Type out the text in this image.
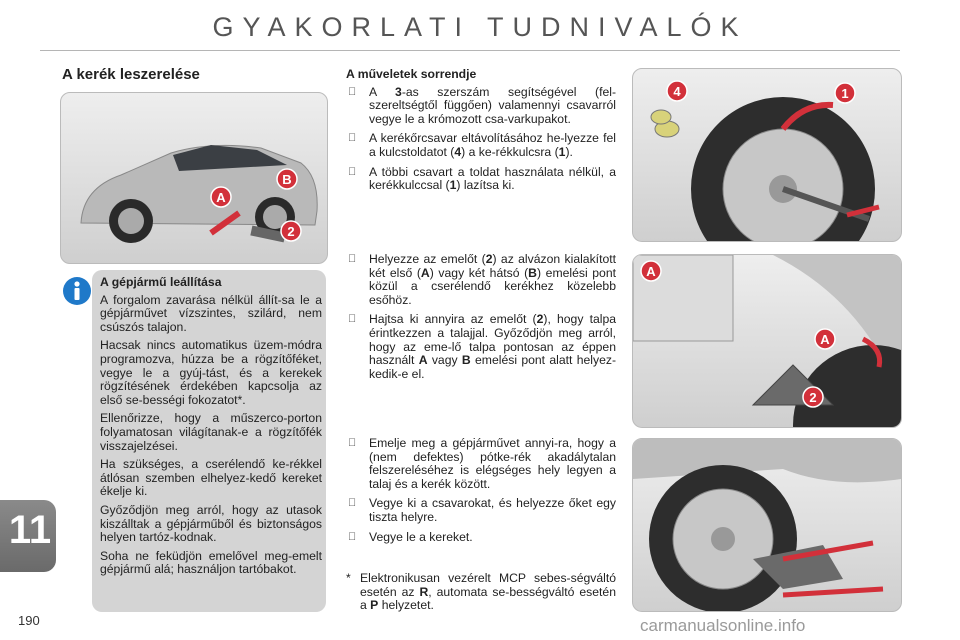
GYAKORLATI TUDNIVALÓK
11
190
A kerék leszerelése
A
B
2
A gépjármű leállítása

A forgalom zavarása nélkül állít-sa le a gépjárművet vízszintes, szilárd, nem csúszós talajon.

Hacsak nincs automatikus üzem-módra programozva, húzza be a rögzítőféket, vegye le a gyúj-tást, és a kerekek rögzítésének érdekében kapcsolja az első se-bességi fokozatot*.

Ellenőrizze, hogy a műszerco-porton folyamatosan világítanak-e a rögzítőfék visszajelzései.

Ha szükséges, a cserélendő ke-rékkel átlósan szemben elhelyez-kedő kereket ékelje ki.

Győződjön meg arról, hogy az utasok kiszálltak a gépjárműből és biztonságos helyen tartóz-kodnak.

Soha ne feküdjön emelővel meg-emelt gépjármű alá; használjon tartóbakot.

A műveletek sorrendje
A 3-as szerszám segítségével (fel-szereltségtől függően) valamennyi csavarról vegye le a krómozott csa-varkupakot.
A kerékőrcsavar eltávolításához he-lyezze fel a kulcstoldatot (4) a ke-rékkulcsra (1).
A többi csavart a toldat használata nélkül, a kerékkulccsal (1) lazítsa ki.
Helyezze az emelőt (2) az alvázon kialakított két első (A) vagy két hátsó (B) emelési pont közül a cserélendő kerékhez közelebb esőhöz.
Hajtsa ki annyira az emelőt (2), hogy talpa érintkezzen a talajjal. Győződjön meg arról, hogy az eme-lő talpa pontosan az éppen használt A vagy B emelési pont alatt helyez-kedik-e el.
Emelje meg a gépjárművet annyi-ra, hogy a (nem defektes) pótke-rék akadálytalan felszereléséhez is elégséges hely legyen a talaj és a kerék között.
Vegye ki a csavarokat, és helyezze őket egy tiszta helyre.
Vegye le a kereket.
* Elektronikusan vezérelt MCP sebes-ségváltó esetén az R, automata se-bességváltó esetén a P helyzetet.
4	1
A
A
2
carmanualsonline.info
